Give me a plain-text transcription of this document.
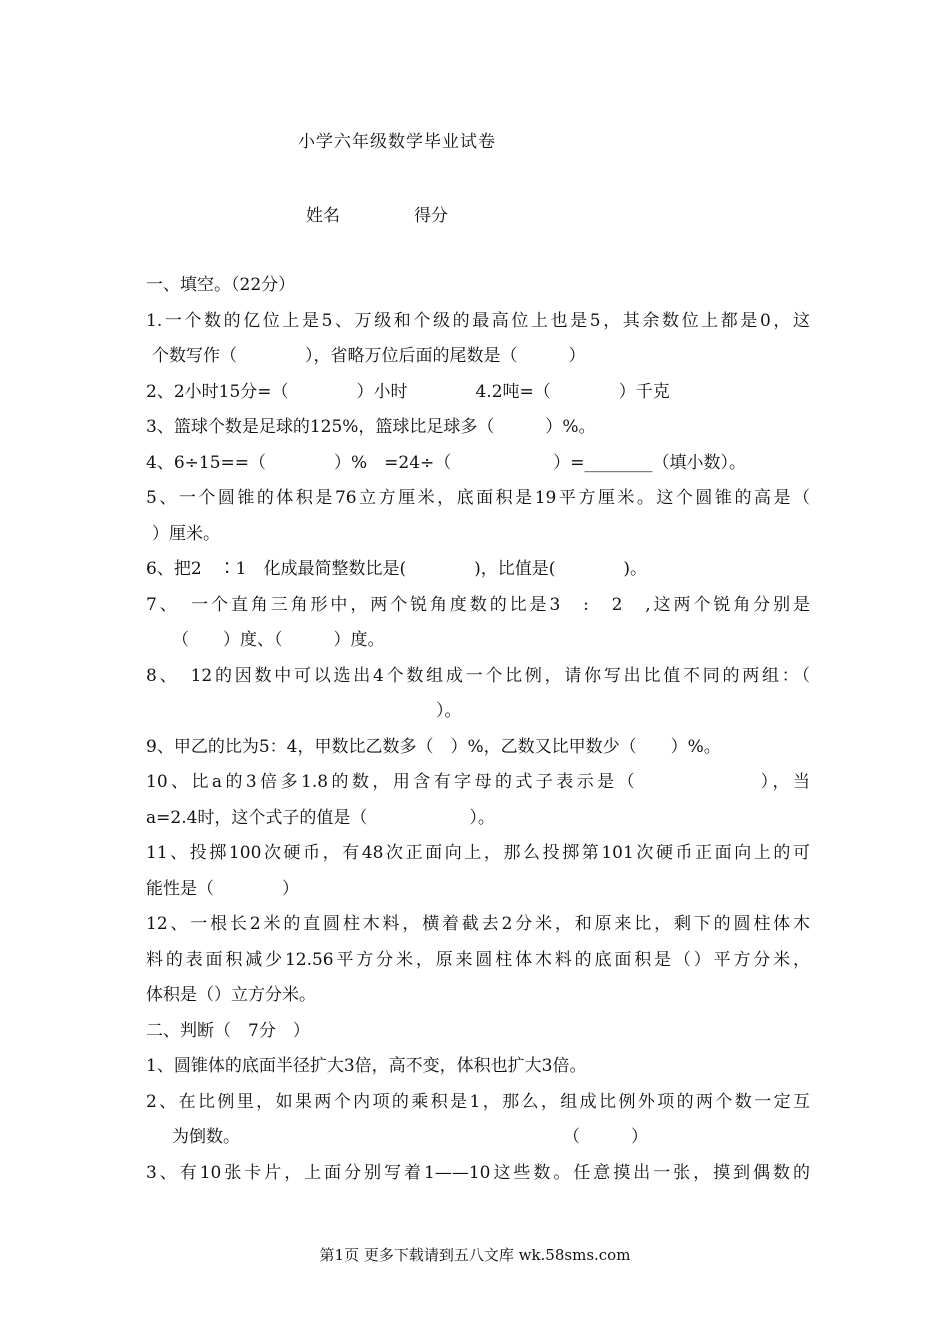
小学六年级数学毕业试卷
姓名	得分
一、填空。（22分）
1.一个数的亿位上是5、万级和个级的最高位上也是5，其余数位上都是0，这
个数写作（　　　　），省略万位后面的尾数是（　　　）
2、2小时15分=（　　　　）小时　　　　4.2吨=（　　　　）千克
3、篮球个数是足球的125%，篮球比足球多（　　　）%。
4、6÷15==（　　　　）%　=24÷（　　　　　　）=________（填小数）。
5、一个圆锥的体积是76立方厘米，底面积是19平方厘米。这个圆锥的高是（
）厘米。
6、把2　∶1　化成最简整数比是(　　　　)，比值是(　　　　)。
7、　一个直角三角形中，两个锐角度数的比是3　:　2　,这两个锐角分别是
（　　）度、（　　　）度。
8、　12的因数中可以选出4个数组成一个比例，请你写出比值不同的两组：（
）。
9、甲乙的比为5：4，甲数比乙数多（　）%，乙数又比甲数少（　　）%。
10、比a的3倍多1.8的数，用含有字母的式子表示是（　　　　　　），当
a=2.4时，这个式子的值是（　　　　　　）。
11、投掷100次硬币，有48次正面向上，那么投掷第101次硬币正面向上的可
能性是（　　　　）
12、一根长2米的直圆柱木料，横着截去2分米，和原来比，剩下的圆柱体木
料的表面积减少12.56平方分米，原来圆柱体木料的底面积是（）平方分米，
体积是（）立方分米。
二、判断（　7分　）
1、圆锥体的底面半径扩大3倍，高不变，体积也扩大3倍。
2、在比例里，如果两个内项的乘积是1，那么，组成比例外项的两个数一定互
为倒数。　　　　　　　　　　　　　　　　　　　　（　　　）
3、有10张卡片，上面分别写着1——10这些数。任意摸出一张，摸到偶数的
第1页 更多下载请到五八文库 wk.58sms.com
